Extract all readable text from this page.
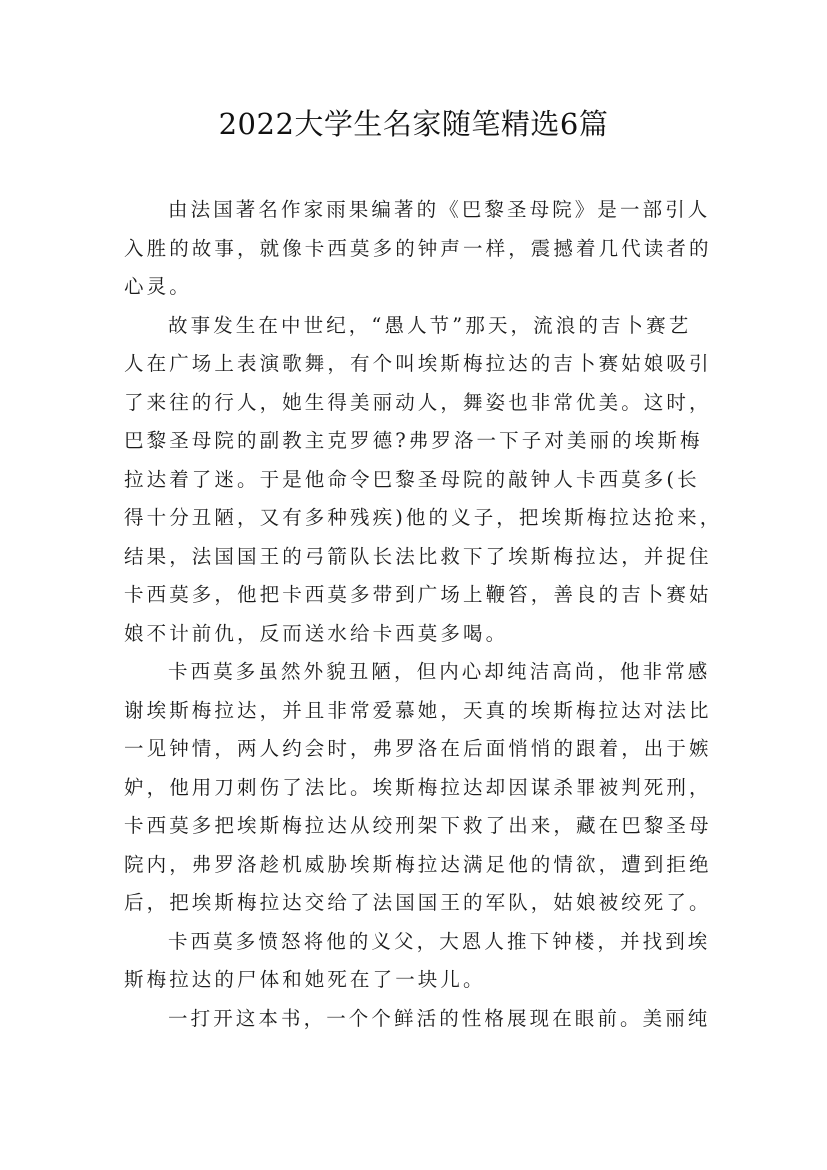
2022大学生名家随笔精选6篇

由法国著名作家雨果编著的《巴黎圣母院》是一部引人
入胜的故事，就像卡西莫多的钟声一样，震撼着几代读者的
心灵。

故事发生在中世纪，“愚人节”那天，流浪的吉卜赛艺
人在广场上表演歌舞，有个叫埃斯梅拉达的吉卜赛姑娘吸引
了来往的行人，她生得美丽动人，舞姿也非常优美。这时，
巴黎圣母院的副教主克罗德?弗罗洛一下子对美丽的埃斯梅
拉达着了迷。于是他命令巴黎圣母院的敲钟人卡西莫多(长
得十分丑陋，又有多种残疾)他的义子，把埃斯梅拉达抢来，
结果，法国国王的弓箭队长法比救下了埃斯梅拉达，并捉住
卡西莫多，他把卡西莫多带到广场上鞭笞，善良的吉卜赛姑
娘不计前仇，反而送水给卡西莫多喝。

卡西莫多虽然外貌丑陋，但内心却纯洁高尚，他非常感
谢埃斯梅拉达，并且非常爱慕她，天真的埃斯梅拉达对法比
一见钟情，两人约会时，弗罗洛在后面悄悄的跟着，出于嫉
妒，他用刀刺伤了法比。埃斯梅拉达却因谋杀罪被判死刑，
卡西莫多把埃斯梅拉达从绞刑架下救了出来，藏在巴黎圣母
院内，弗罗洛趁机威胁埃斯梅拉达满足他的情欲，遭到拒绝
后，把埃斯梅拉达交给了法国国王的军队，姑娘被绞死了。

卡西莫多愤怒将他的义父，大恩人推下钟楼，并找到埃
斯梅拉达的尸体和她死在了一块儿。

一打开这本书，一个个鲜活的性格展现在眼前。美丽纯
